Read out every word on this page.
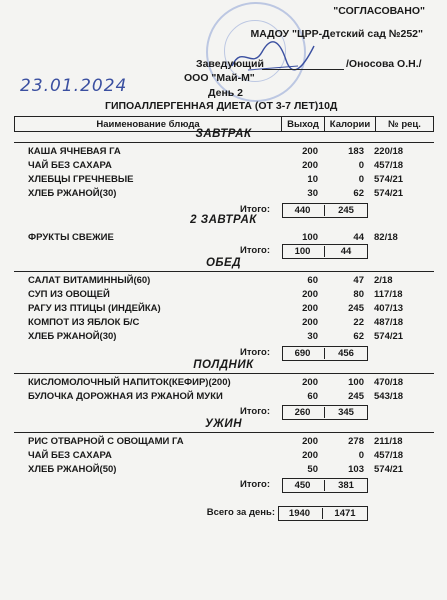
"СОГЛАСОВАНО"
МАДОУ "ЦРР-Детский сад №252"
Заведующий	/Оносова О.Н./
23.01.2024	ООО "Май-М"
День 2
ГИПОАЛЛЕРГЕННАЯ ДИЕТА (ОТ 3-7 ЛЕТ)10Д
Наименование блюда	Выход	Калории	№ рец.
ЗАВТРАК
КАША ЯЧНЕВАЯ ГА	200	183 220/18
ЧАЙ БЕЗ САХАРА	200	0 457/18
ХЛЕБЦЫ ГРЕЧНЕВЫЕ	10	0 574/21
ХЛЕБ РЖАНОЙ(30)	30	62 574/21
Итого:	440	245
2 ЗАВТРАК
ФРУКТЫ СВЕЖИЕ	100	44 82/18
Итого:	100	44
ОБЕД
САЛАТ ВИТАМИННЫЙ(60)	60	47 2/18
СУП ИЗ ОВОЩЕЙ	200	80 117/18
РАГУ ИЗ ПТИЦЫ (ИНДЕЙКА)	200	245 407/13
КОМПОТ ИЗ ЯБЛОК Б/С	200	22 487/18
ХЛЕБ РЖАНОЙ(30)	30	62 574/21
Итого:	690	456
ПОЛДНИК
КИСЛОМОЛОЧНЫЙ НАПИТОК(КЕФИР)(200)	200	100 470/18
БУЛОЧКА ДОРОЖНАЯ ИЗ РЖАНОЙ МУКИ	60	245 543/18
Итого:	260	345
УЖИН
РИС ОТВАРНОЙ С ОВОЩАМИ ГА	200	278 211/18
ЧАЙ БЕЗ САХАРА	200	0 457/18
ХЛЕБ РЖАНОЙ(50)	50	103 574/21
Итого:	450	381
Всего за день:	1940	1471
